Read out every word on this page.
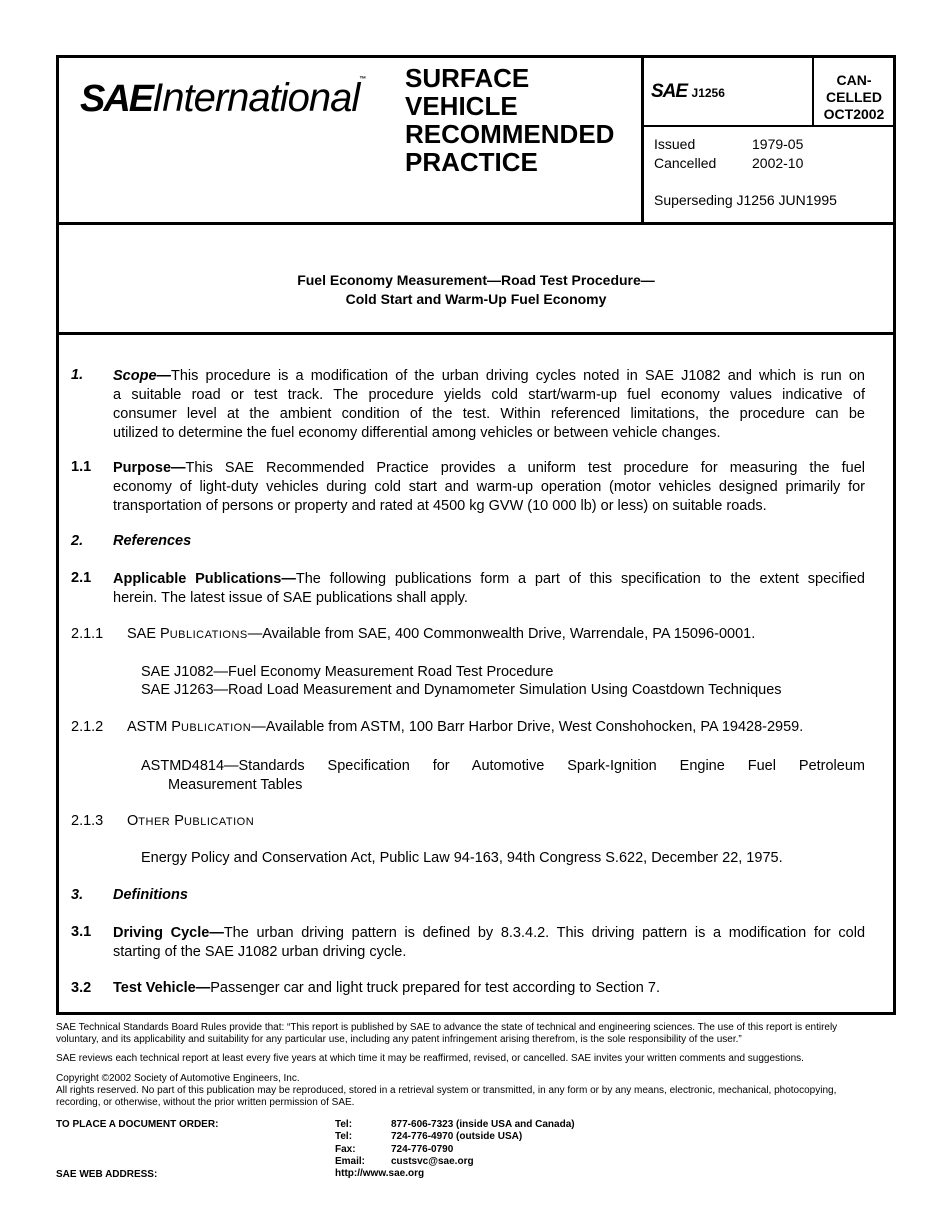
SAEInternational™ SURFACE
VEHICLE
RECOMMENDED
PRACTICE
SAE J1256
CAN-
CELLED
OCT2002
Issued	1979-05
Cancelled	2002-10
Superseding J1256 JUN1995
Fuel Economy Measurement—Road Test Procedure—
Cold Start and Warm-Up Fuel Economy
1. Scope—This procedure is a modification of the urban driving cycles noted in SAE J1082 and which is run on
a suitable road or test track. The procedure yields cold start/warm-up fuel economy values indicative of
consumer level at the ambient condition of the test. Within referenced limitations, the procedure can be
utilized to determine the fuel economy differential among vehicles or between vehicle changes.
1.1 Purpose—This SAE Recommended Practice provides a uniform test procedure for measuring the fuel
economy of light-duty vehicles during cold start and warm-up operation (motor vehicles designed primarily for
transportation of persons or property and rated at 4500 kg GVW (10 000 lb) or less) on suitable roads.
2. References
2.1 Applicable Publications—The following publications form a part of this specification to the extent specified
herein. The latest issue of SAE publications shall apply.
2.1.1 SAE PUBLICATIONS—Available from SAE, 400 Commonwealth Drive, Warrendale, PA 15096-0001.
SAE J1082—Fuel Economy Measurement Road Test Procedure
SAE J1263—Road Load Measurement and Dynamometer Simulation Using Coastdown Techniques
2.1.2 ASTM PUBLICATION—Available from ASTM, 100 Barr Harbor Drive, West Conshohocken, PA 19428-2959.
ASTMD4814—Standards Specification for Automotive Spark-Ignition Engine Fuel Petroleum
Measurement Tables
2.1.3 OTHER PUBLICATION
Energy Policy and Conservation Act, Public Law 94-163, 94th Congress S.622, December 22, 1975.
3. Definitions
3.1 Driving Cycle—The urban driving pattern is defined by 8.3.4.2. This driving pattern is a modification for cold
starting of the SAE J1082 urban driving cycle.
3.2 Test Vehicle—Passenger car and light truck prepared for test according to Section 7.
SAE Technical Standards Board Rules provide that: “This report is published by SAE to advance the state of technical and engineering sciences. The use of this report is entirely
voluntary, and its applicability and suitability for any particular use, including any patent infringement arising therefrom, is the sole responsibility of the user.”
SAE reviews each technical report at least every five years at which time it may be reaffirmed, revised, or cancelled. SAE invites your written comments and suggestions.
Copyright ©2002 Society of Automotive Engineers, Inc.
All rights reserved. No part of this publication may be reproduced, stored in a retrieval system or transmitted, in any form or by any means, electronic, mechanical, photocopying,
recording, or otherwise, without the prior written permission of SAE.
TO PLACE A DOCUMENT ORDER:
SAE WEB ADDRESS:
Tel:	877-606-7323 (inside USA and Canada)
Tel:	724-776-4970 (outside USA)
Fax:	724-776-0790
Email:	custsvc@sae.org
http://www.sae.org
